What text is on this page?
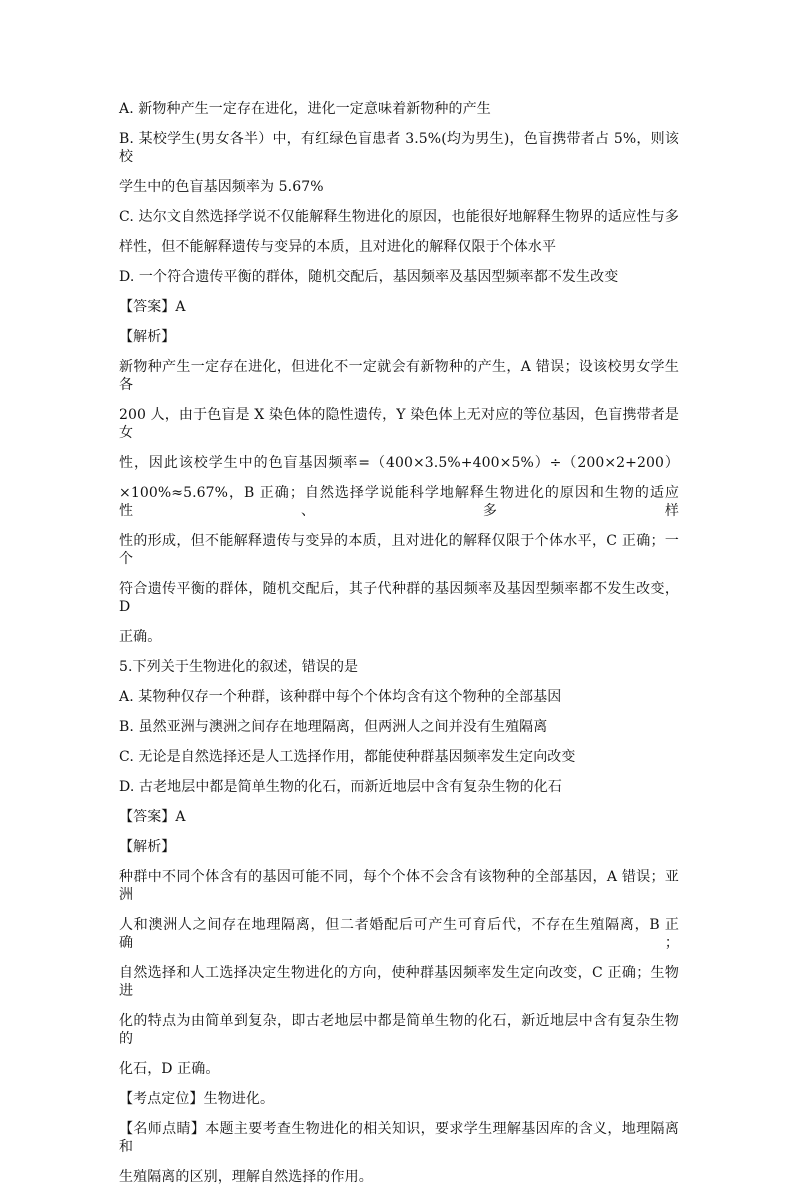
A. 新物种产生一定存在进化，进化一定意味着新物种的产生

B. 某校学生(男女各半）中，有红绿色盲患者 3.5%(均为男生)，色盲携带者占 5%，则该校

学生中的色盲基因频率为 5.67%

C. 达尔文自然选择学说不仅能解释生物进化的原因，也能很好地解释生物界的适应性与多

样性，但不能解释遗传与变异的本质，且对进化的解释仅限于个体水平

D. 一个符合遗传平衡的群体，随机交配后，基因频率及基因型频率都不发生改变

【答案】A

【解析】

新物种产生一定存在进化，但进化不一定就会有新物种的产生，A 错误；设该校男女学生各

200 人，由于色盲是 X 染色体的隐性遗传，Y 染色体上无对应的等位基因，色盲携带者是女

性，因此该校学生中的色盲基因频率=（400×3.5%+400×5%）÷（200×2+200）

×100%≈5.67%，B 正确；自然选择学说能科学地解释生物进化的原因和生物的适应性、多样

性的形成，但不能解释遗传与变异的本质，且对进化的解释仅限于个体水平，C 正确；一个

符合遗传平衡的群体，随机交配后，其子代种群的基因频率及基因型频率都不发生改变，D

正确。

5.下列关于生物进化的叙述，错误的是

A. 某物种仅存一个种群，该种群中每个个体均含有这个物种的全部基因

B. 虽然亚洲与澳洲之间存在地理隔离，但两洲人之间并没有生殖隔离

C. 无论是自然选择还是人工选择作用，都能使种群基因频率发生定向改变

D. 古老地层中都是简单生物的化石，而新近地层中含有复杂生物的化石

【答案】A

【解析】

种群中不同个体含有的基因可能不同，每个个体不会含有该物种的全部基因，A 错误；亚洲

人和澳洲人之间存在地理隔离，但二者婚配后可产生可育后代，不存在生殖隔离，B 正确；

自然选择和人工选择决定生物进化的方向，使种群基因频率发生定向改变，C 正确；生物进

化的特点为由简单到复杂，即古老地层中都是简单生物的化石，新近地层中含有复杂生物的

化石，D 正确。

【考点定位】生物进化。

【名师点睛】本题主要考查生物进化的相关知识，要求学生理解基因库的含义，地理隔离和

生殖隔离的区别，理解自然选择的作用。
